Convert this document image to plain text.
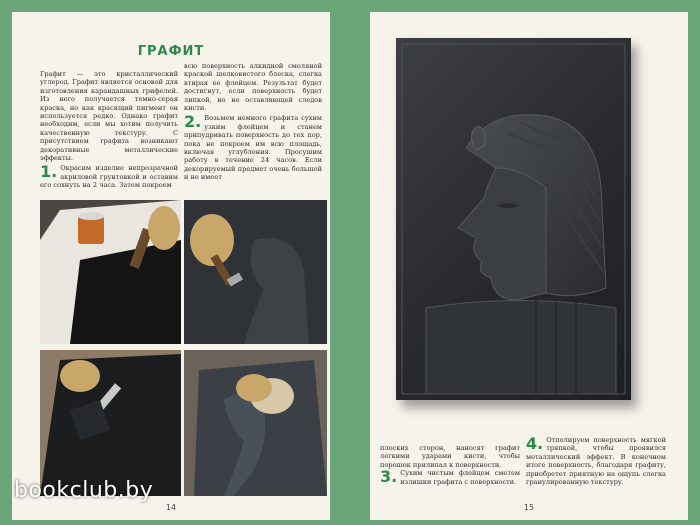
ГРАФИТ

Графит — это кристаллический углерод. Графит является основой для изготовления карандашных грифелей. Из него получается темно-серая краска, но как красящий пигмент он используется редко. Однако графит необходим, если мы хотим получить качественную текстуру. С присутствием графита возникают декоративные металлические эффекты.

1. Окрасим изделие непрозрачной акриловой грунтовкой и оставим его сохнуть на 2 часа. Затем покроем

всю поверхность алкидной смоляной краской шелковистого блеска, слегка втирая ее флейцем. Результат будет достигнут, если поверхность будет липкой, но не оставляющей следов кисти.

2. Возьмем немного графита сухим узким флейцем и станем припудривать поверхность до тех пор, пока не покроем им всю площадь, включая углубления. Просушим работу в течение 24 часов. Если декорируемый предмет очень большой и не имеет

14

плоских сторон, наносят графит легкими ударами кисти, чтобы порошок прилипал к поверхности.

3. Сухим чистым флейцем сметем излишки графита с поверхности.

4. Отполируем поверхность мягкой тряпкой, чтобы проявился металлический эффект. В конечном итоге поверхность, благодаря графиту, приобретет приятную на ощупь слегка гранулированную текстуру.

15
bookclub.by
